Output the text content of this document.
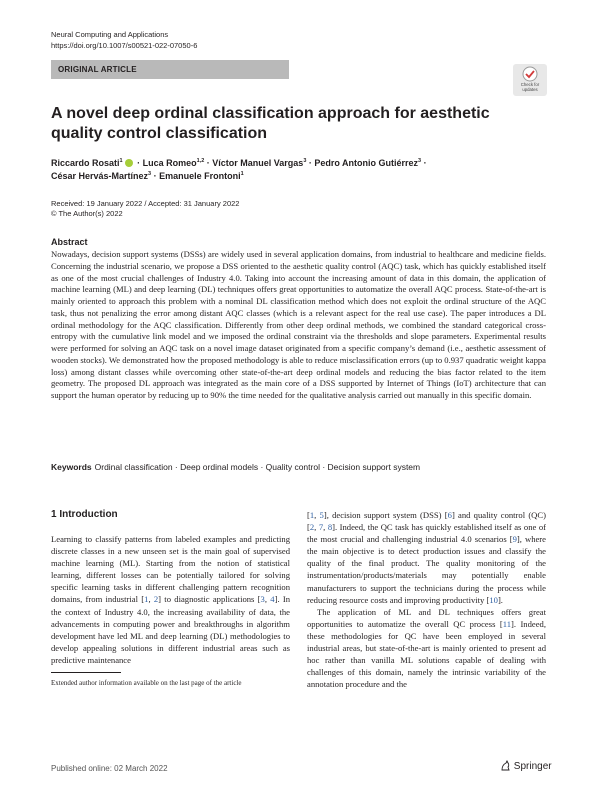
Neural Computing and Applications
https://doi.org/10.1007/s00521-022-07050-6
ORIGINAL ARTICLE
Check for updates
A novel deep ordinal classification approach for aesthetic quality control classification
Riccardo Rosati$^1$ · Luca Romeo$^{1,2}$ · Víctor Manuel Vargas$^3$ · Pedro Antonio Gutiérrez$^3$ ·
César Hervás-Martínez$^3$ · Emanuele Frontoni$^1$
Received: 19 January 2022 / Accepted: 31 January 2022
© The Author(s) 2022
Abstract
Nowadays, decision support systems (DSSs) are widely used in several application domains, from industrial to healthcare and medicine fields. Concerning the industrial scenario, we propose a DSS oriented to the aesthetic quality control (AQC) task, which has quickly established itself as one of the most crucial challenges of Industry 4.0. Taking into account the increasing amount of data in this domain, the application of machine learning (ML) and deep learning (DL) techniques offers great opportunities to automatize the overall AQC process. State-of-the-art is mainly oriented to approach this problem with a nominal DL classification method which does not exploit the ordinal structure of the AQC task, thus not penalizing the error among distant AQC classes (which is a relevant aspect for the real use case). The paper introduces a DL ordinal methodology for the AQC classification. Differently from other deep ordinal methods, we combined the standard categorical cross-entropy with the cumulative link model and we imposed the ordinal constraint via the thresholds and slope parameters. Experimental results were performed for solving an AQC task on a novel image dataset originated from a specific company’s demand (i.e., aesthetic assessment of wooden stocks). We demonstrated how the proposed methodology is able to reduce misclassification errors (up to 0.937 quadratic weight kappa loss) among distant classes while overcoming other state-of-the-art deep ordinal models and reducing the bias factor related to the item geometry. The proposed DL approach was integrated as the main core of a DSS supported by Internet of Things (IoT) architecture that can support the human operator by reducing up to 90% the time needed for the qualitative analysis carried out manually in this specific domain.
Keywords Ordinal classification · Deep ordinal models · Quality control · Decision support system
1 Introduction

Learning to classify patterns from labeled examples and predicting discrete classes in a new unseen set is the main goal of supervised machine learning (ML). Starting from the notion of statistical learning, different losses can be potentially tailored for solving specific learning tasks in different challenging pattern recognition domains, from industrial [1, 2] to diagnostic applications [3, 4]. In the context of Industry 4.0, the increasing availability of data, the advancements in computing power and breakthroughs in algorithm development have led ML and deep learning (DL) methodologies to develop appealing solutions in different industrial areas such as predictive maintenance

[1, 5], decision support system (DSS) [6] and quality control (QC) [2, 7, 8]. Indeed, the QC task has quickly established itself as one of the most crucial and challenging industrial 4.0 scenarios [9], where the main objective is to detect production issues and classify the quality of the final product. The quality monitoring of the instrumentation/products/materials may potentially enable manufacturers to support the technicians during the process while reducing resource costs and improving productivity [10].

The application of ML and DL techniques offers great opportunities to automatize the overall QC process [11]. Indeed, these methodologies for QC have been employed in several industrial areas, but state-of-the-art is mainly oriented to present ad hoc rather than vanilla ML solutions capable of dealing with challenges of this domain, namely the intrinsic variability of the annotation procedure and the

Extended author information available on the last page of the article
Published online: 02 March 2022	Springer
